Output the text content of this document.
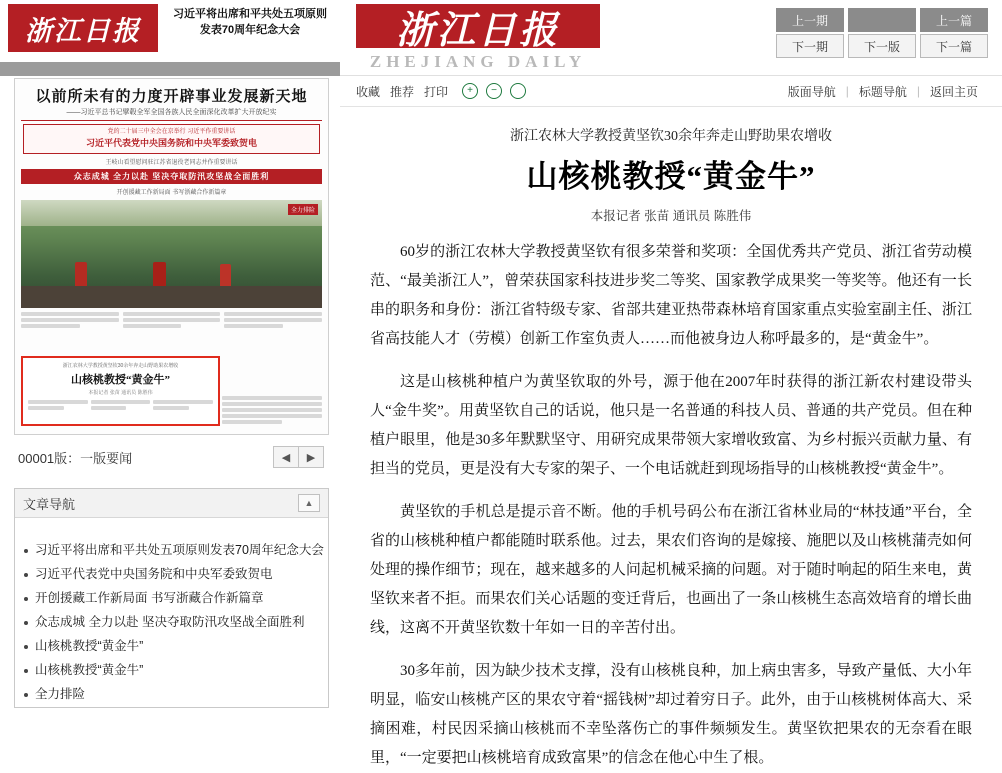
浙江日报
习近平将出席和平共处五项原则
发表70周年纪念大会
以前所未有的力度开辟事业发展新天地
——习近平总书记擘毂全军全国各族人民全面深化改革扩大开放纪实
党的二十届三中全会在京举行 习近平作重要讲话
习近平代表党中央国务院和中央军委致贺电
王岐山看望慰问驻江苏省退役老同志并作重要讲话
众志成城 全力以赴 坚决夺取防汛攻坚战全面胜利
开创援藏工作新局面 书写浙藏合作新篇章
全力排险
浙江农林大学教授黄坚钦30余年奔走山野助果农增收
山核桃教授“黄金牛”
本报记者 张苗 通讯员 陈胜伟
00001版：一版要闻	◀	▶
文章导航	▲
习近平将出席和平共处五项原则发表70周年纪念大会
习近平代表党中央国务院和中央军委致贺电
开创援藏工作新局面 书写浙藏合作新篇章
众志成城 全力以赴 坚决夺取防汛攻坚战全面胜利
山核桃教授“黄金牛”
山核桃教授“黄金牛”
全力排险
浙江日报
ZHEJIANG DAILY
上一期	上一篇
下一期	下一版	下一篇
收藏 推荐 打印	+	−	版面导航 | 标题导航 | 返回主页
浙江农林大学教授黄坚钦30余年奔走山野助果农增收
山核桃教授“黄金牛”
本报记者 张苗 通讯员 陈胜伟

60岁的浙江农林大学教授黄坚钦有很多荣誉和奖项：全国优秀共产党员、浙江省劳动模范、“最美浙江人”，曾荣获国家科技进步奖二等奖、国家教学成果奖一等奖等。他还有一长串的职务和身份：浙江省特级专家、省部共建亚热带森林培育国家重点实验室副主任、浙江省高技能人才（劳模）创新工作室负责人……而他被身边人称呼最多的，是“黄金牛”。

这是山核桃种植户为黄坚钦取的外号，源于他在2007年时获得的浙江新农村建设带头人“金牛奖”。用黄坚钦自己的话说，他只是一名普通的科技人员、普通的共产党员。但在种植户眼里，他是30多年默默坚守、用研究成果带领大家增收致富、为乡村振兴贡献力量、有担当的党员，更是没有大专家的架子、一个电话就赶到现场指导的山核桃教授“黄金牛”。

黄坚钦的手机总是提示音不断。他的手机号码公布在浙江省林业局的“林技通”平台，全省的山核桃种植户都能随时联系他。过去，果农们咨询的是嫁接、施肥以及山核桃蒲壳如何处理的操作细节；现在，越来越多的人问起机械采摘的问题。对于随时响起的陌生来电，黄坚钦来者不拒。而果农们关心话题的变迁背后，也画出了一条山核桃生态高效培育的增长曲线，这离不开黄坚钦数十年如一日的辛苦付出。

30多年前，因为缺少技术支撑，没有山核桃良种，加上病虫害多，导致产量低、大小年明显，临安山核桃产区的果农守着“摇钱树”却过着穷日子。此外，由于山核桃树体高大、采摘困难，村民因采摘山核桃而不幸坠落伤亡的事件频频发生。黄坚钦把果农的无奈看在眼里，“一定要把山核桃培育成致富果”的信念在他心中生了根。
